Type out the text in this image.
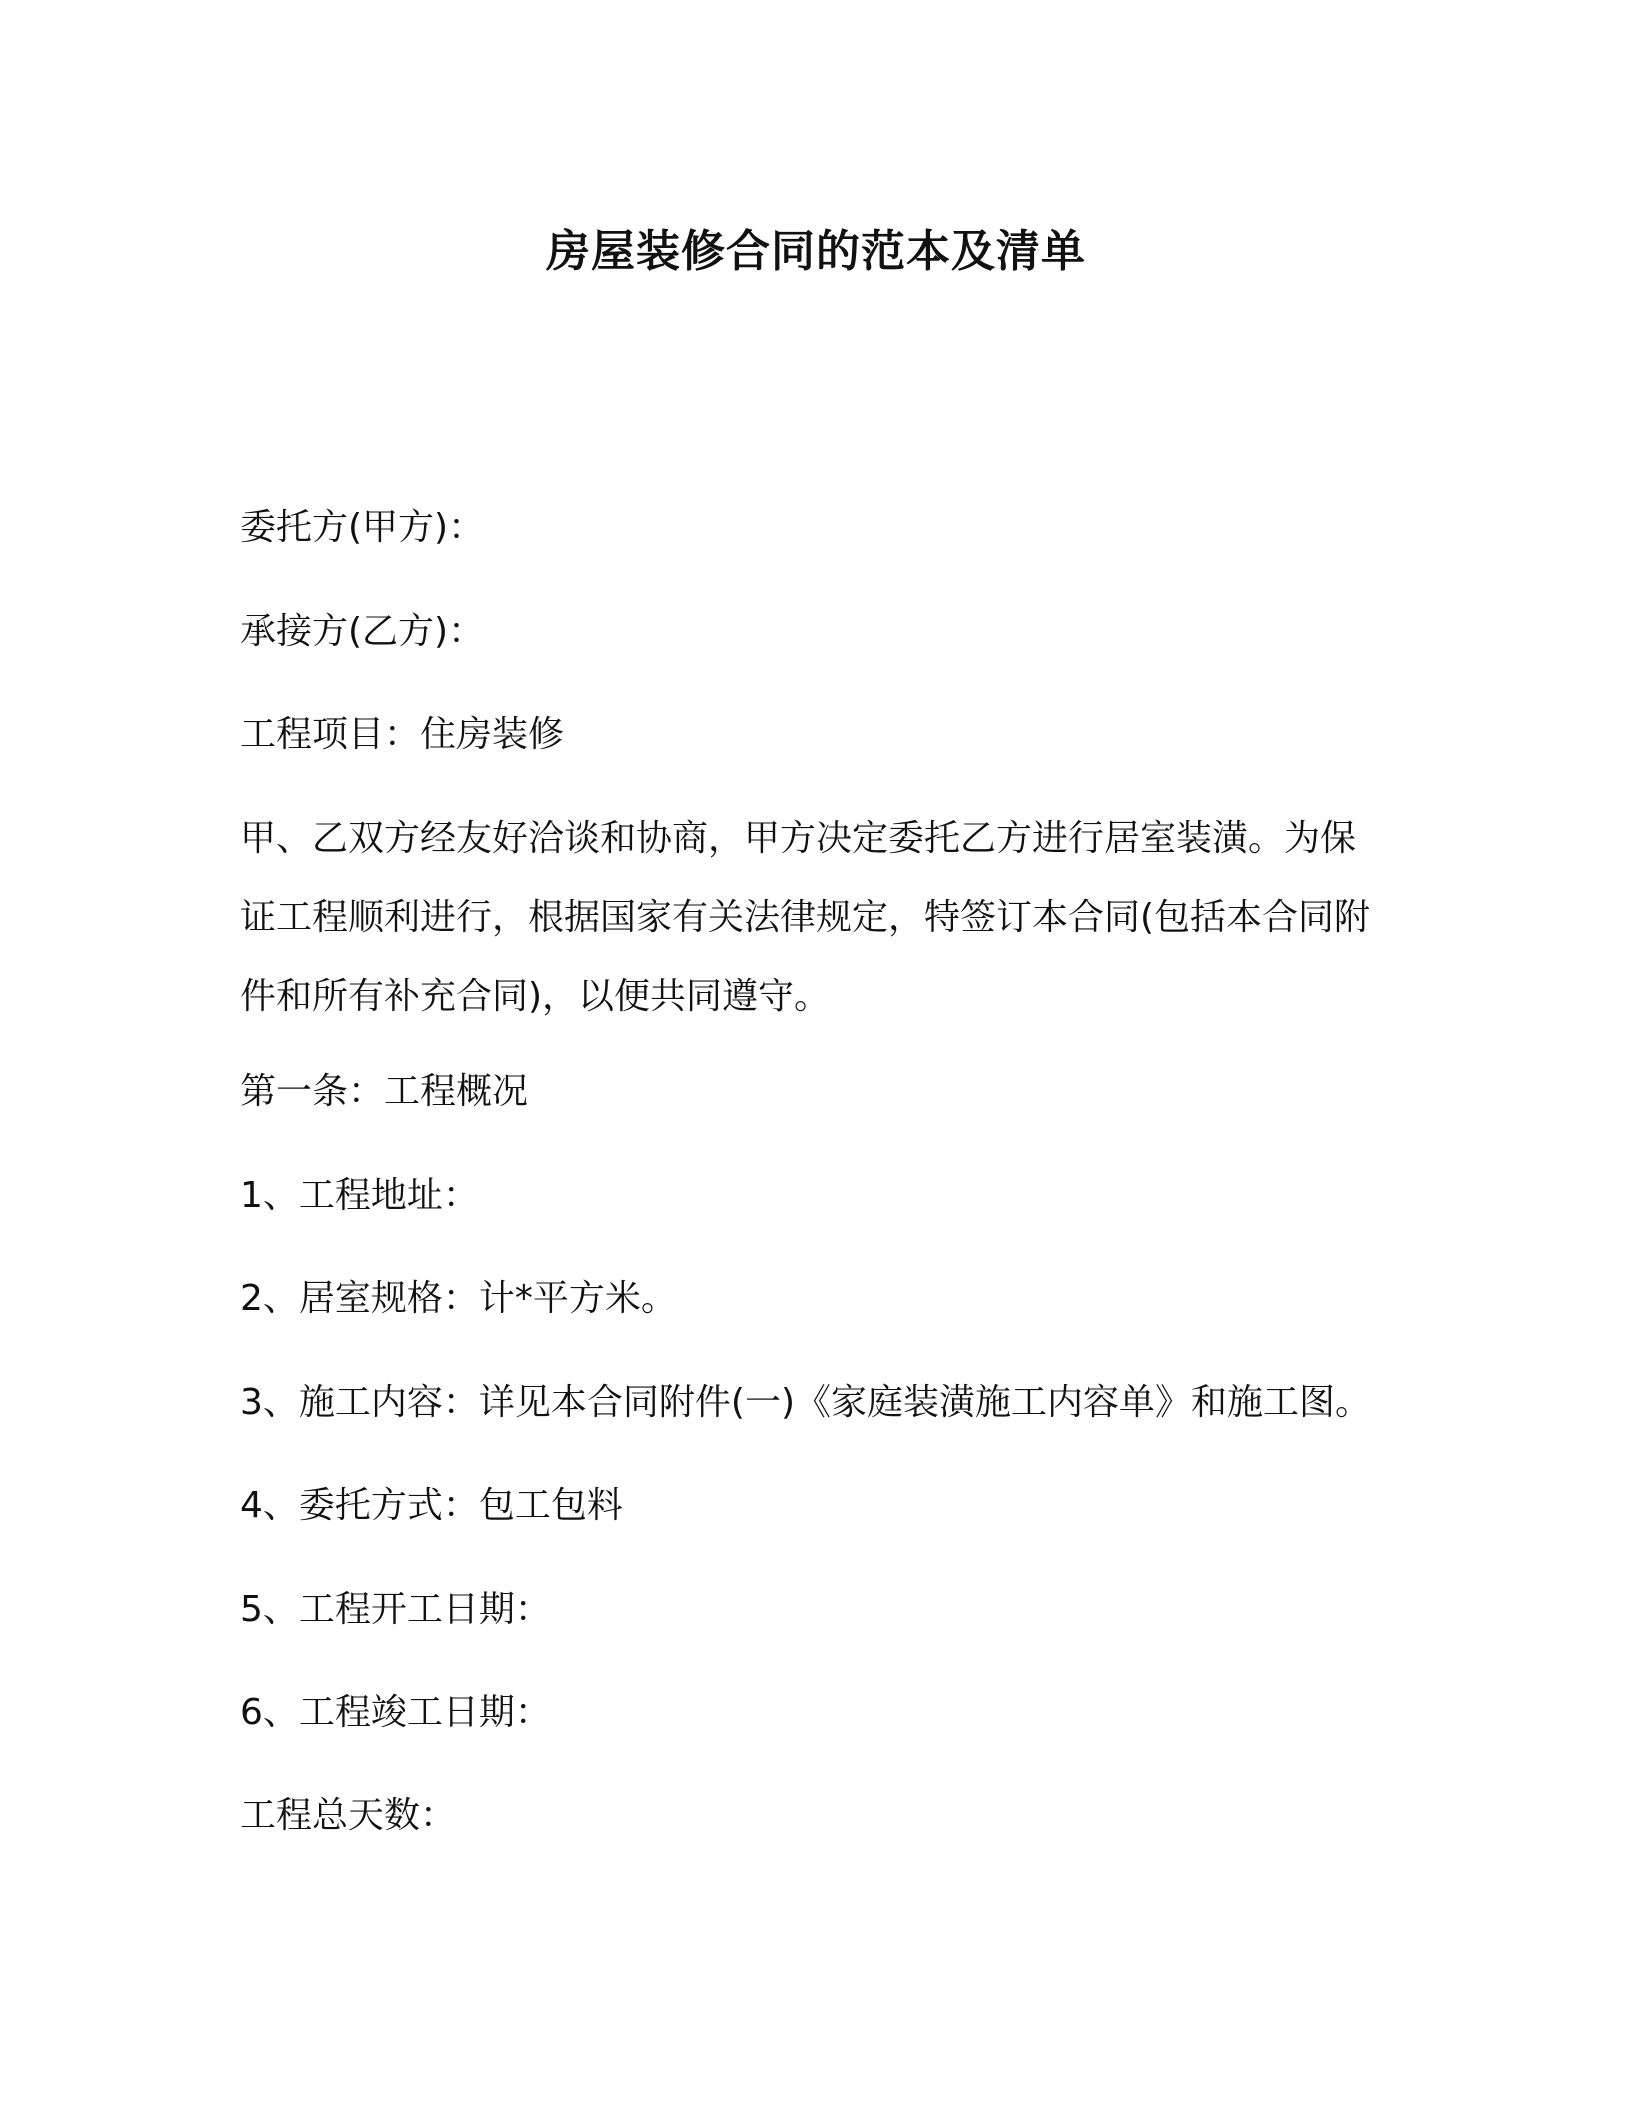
房屋装修合同的范本及清单
委托方(甲方)：
承接方(乙方)：
工程项目：住房装修
甲、乙双方经友好洽谈和协商，甲方决定委托乙方进行居室装潢。为保证工程顺利进行，根据国家有关法律规定，特签订本合同(包括本合同附件和所有补充合同)，以便共同遵守。
第一条：工程概况
1、工程地址：
2、居室规格：计*平方米。
3、施工内容：详见本合同附件(一)《家庭装潢施工内容单》和施工图。
4、委托方式：包工包料
5、工程开工日期：
6、工程竣工日期：
工程总天数：
